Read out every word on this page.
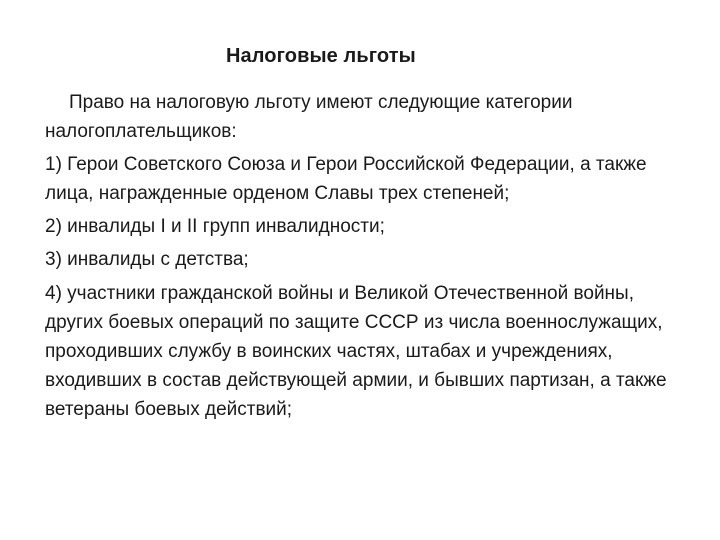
Налоговые льготы

Право на налоговую льготу имеют следующие категории налогоплательщиков:

1) Герои Советского Союза и Герои Российской Федерации, а также лица, награжденные орденом Славы трех степеней;

2) инвалиды I и II групп инвалидности;

3) инвалиды с детства;

4) участники гражданской войны и Великой Отечественной войны, других боевых операций по защите СССР из числа военнослужащих, проходивших службу в воинских частях, штабах и учреждениях, входивших в состав действующей армии, и бывших партизан, а также ветераны боевых действий;
